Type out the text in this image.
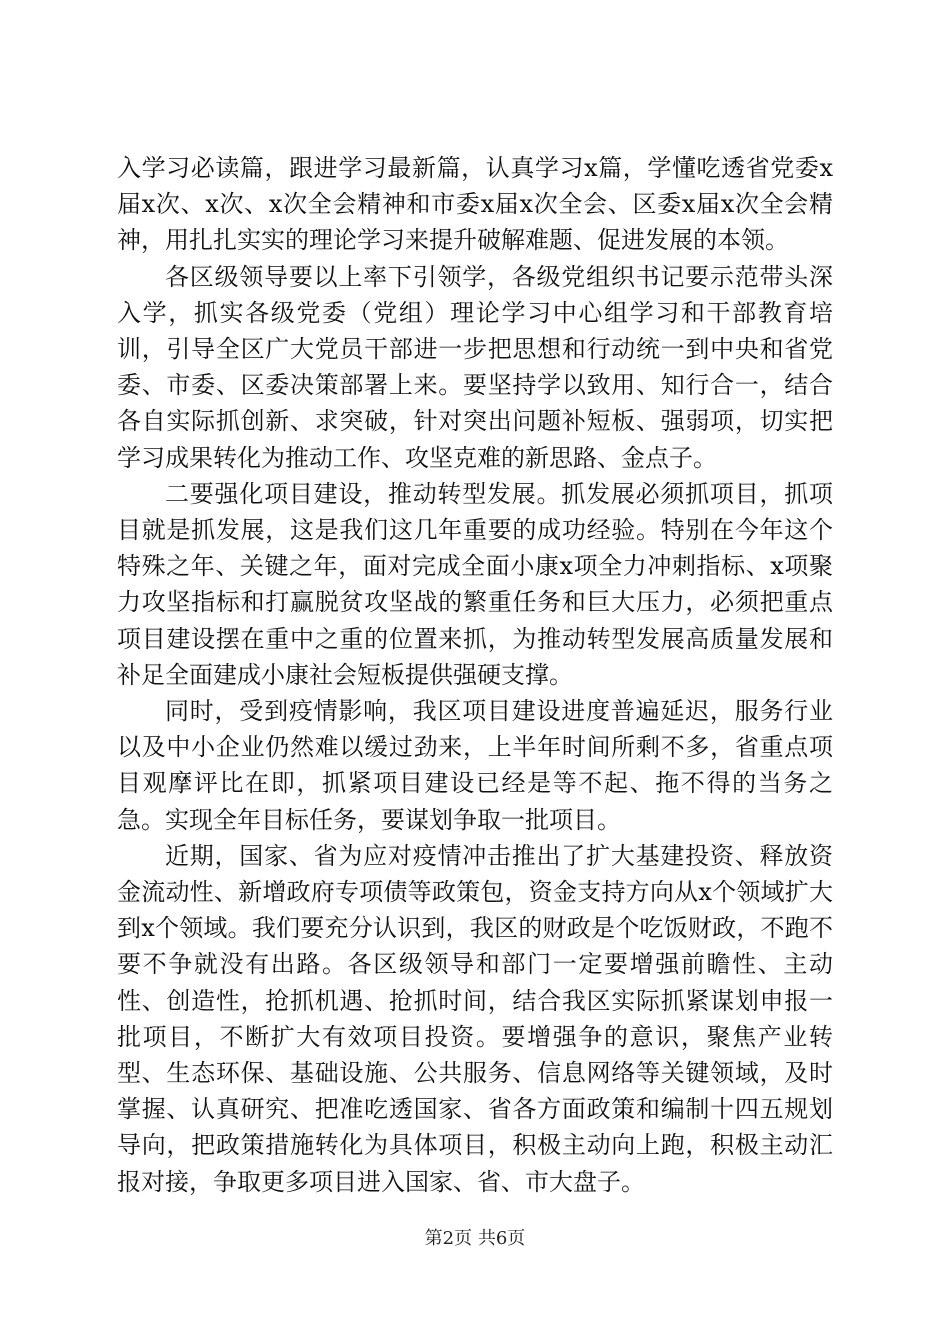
入学习必读篇，跟进学习最新篇，认真学习x篇，学懂吃透省党委x届x次、x次、x次全会精神和市委x届x次全会、区委x届x次全会精神，用扎扎实实的理论学习来提升破解难题、促进发展的本领。

各区级领导要以上率下引领学，各级党组织书记要示范带头深入学，抓实各级党委（党组）理论学习中心组学习和干部教育培训，引导全区广大党员干部进一步把思想和行动统一到中央和省党委、市委、区委决策部署上来。要坚持学以致用、知行合一，结合各自实际抓创新、求突破，针对突出问题补短板、强弱项，切实把学习成果转化为推动工作、攻坚克难的新思路、金点子。

二要强化项目建设，推动转型发展。抓发展必须抓项目，抓项目就是抓发展，这是我们这几年重要的成功经验。特别在今年这个特殊之年、关键之年，面对完成全面小康x项全力冲刺指标、x项聚力攻坚指标和打赢脱贫攻坚战的繁重任务和巨大压力，必须把重点项目建设摆在重中之重的位置来抓，为推动转型发展高质量发展和补足全面建成小康社会短板提供强硬支撑。

同时，受到疫情影响，我区项目建设进度普遍延迟，服务行业以及中小企业仍然难以缓过劲来，上半年时间所剩不多，省重点项目观摩评比在即，抓紧项目建设已经是等不起、拖不得的当务之急。实现全年目标任务，要谋划争取一批项目。

近期，国家、省为应对疫情冲击推出了扩大基建投资、释放资金流动性、新增政府专项债等政策包，资金支持方向从x个领域扩大到x个领域。我们要充分认识到，我区的财政是个吃饭财政，不跑不要不争就没有出路。各区级领导和部门一定要增强前瞻性、主动性、创造性，抢抓机遇、抢抓时间，结合我区实际抓紧谋划申报一批项目，不断扩大有效项目投资。要增强争的意识，聚焦产业转型、生态环保、基础设施、公共服务、信息网络等关键领域，及时掌握、认真研究、把准吃透国家、省各方面政策和编制十四五规划导向，把政策措施转化为具体项目，积极主动向上跑，积极主动汇报对接，争取更多项目进入国家、省、市大盘子。

第2页 共6页
